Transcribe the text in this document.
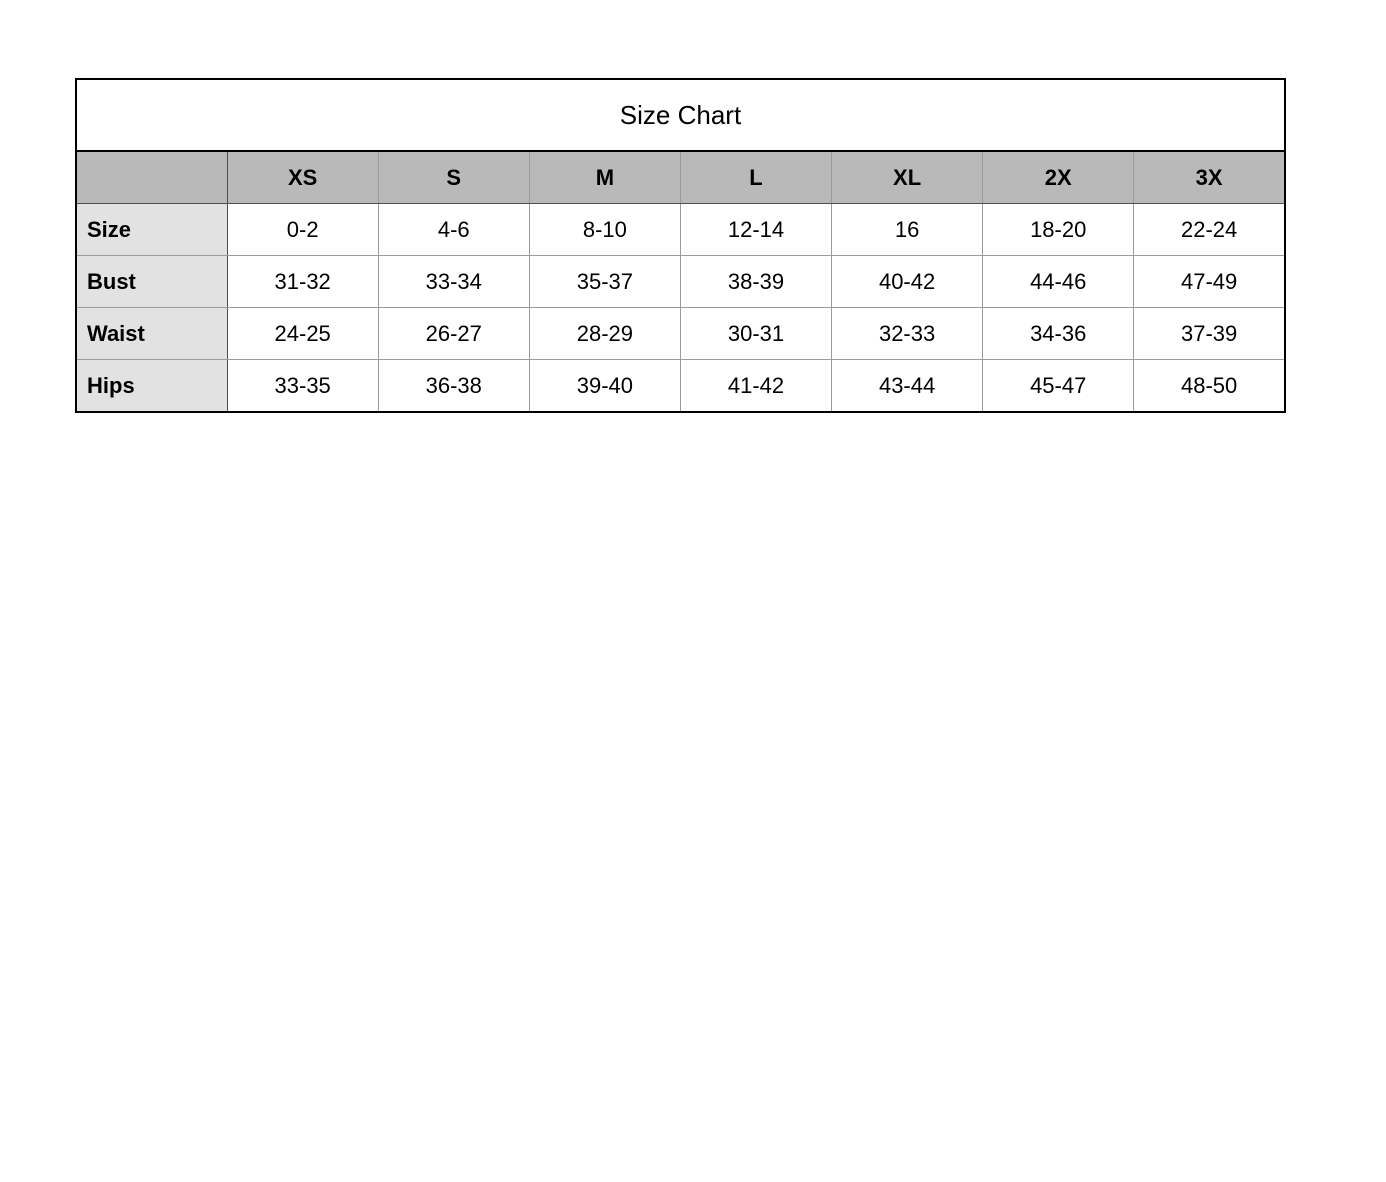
Size Chart							
	XS	S	M	L	XL	2X	3X
Size	0-2	4-6	8-10	12-14	16	18-20	22-24
Bust	31-32	33-34	35-37	38-39	40-42	44-46	47-49
Waist	24-25	26-27	28-29	30-31	32-33	34-36	37-39
Hips	33-35	36-38	39-40	41-42	43-44	45-47	48-50
